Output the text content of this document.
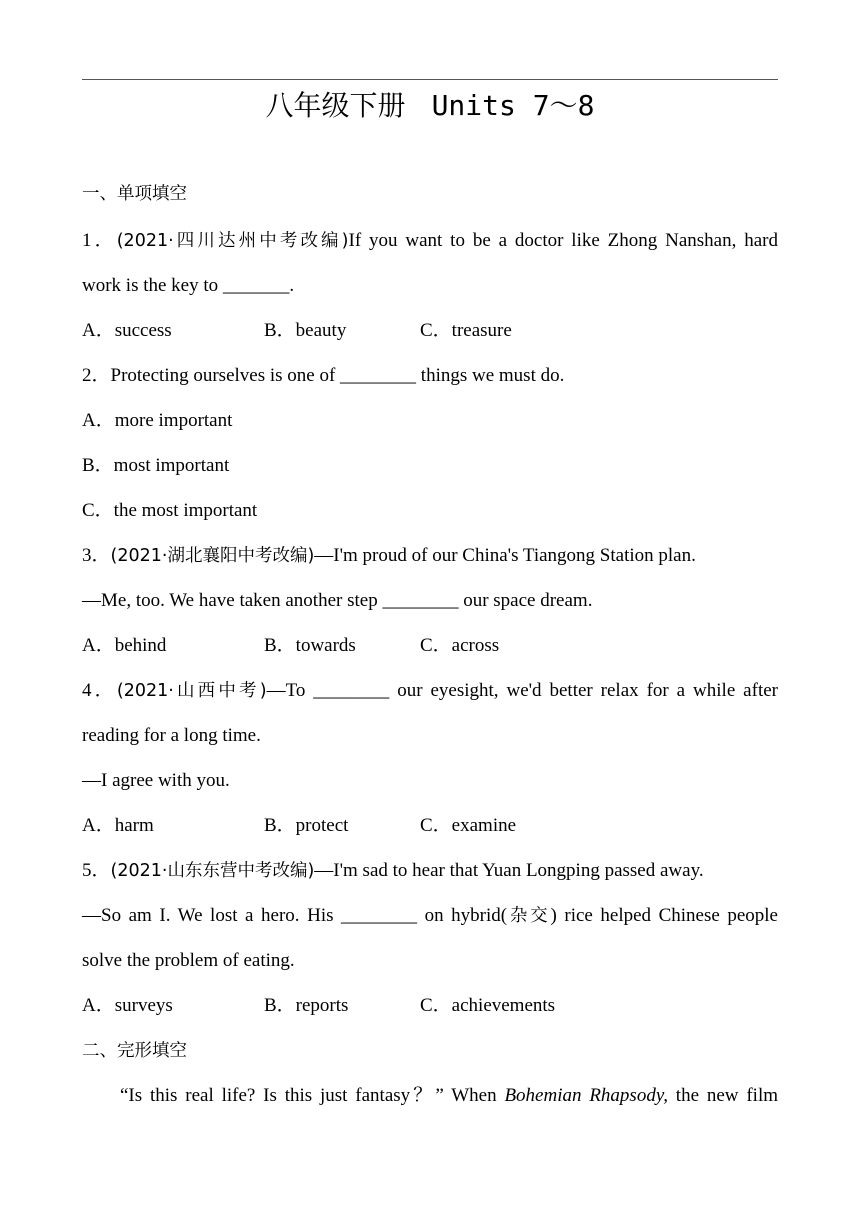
八年级下册 Units 7～8
一、单项填空
1．(2021·四川达州中考改编)If you want to be a doctor like Zhong Nanshan, hard
work is the key to _______.
A．success	B．beauty	C．treasure
2．Protecting ourselves is one of ________ things we must do.
A．more important
B．most important
C．the most important
3．(2021·湖北襄阳中考改编)—I'm proud of our China's Tiangong Station plan.
—Me, too. We have taken another step ________ our space dream.
A．behind	B．towards	C．across
4．(2021·山西中考)—To ________ our eyesight, we'd better relax for a while after
reading for a long time.
—I agree with you.
A．harm	B．protect	C．examine
5．(2021·山东东营中考改编)—I'm sad to hear that Yuan Longping passed away.
—So am I. We lost a hero. His ________ on hybrid(杂交) rice helped Chinese people
solve the problem of eating.
A．surveys	B．reports	C．achievements
二、完形填空
“Is this real life? Is this just fantasy？” When Bohemian Rhapsody, the new film
